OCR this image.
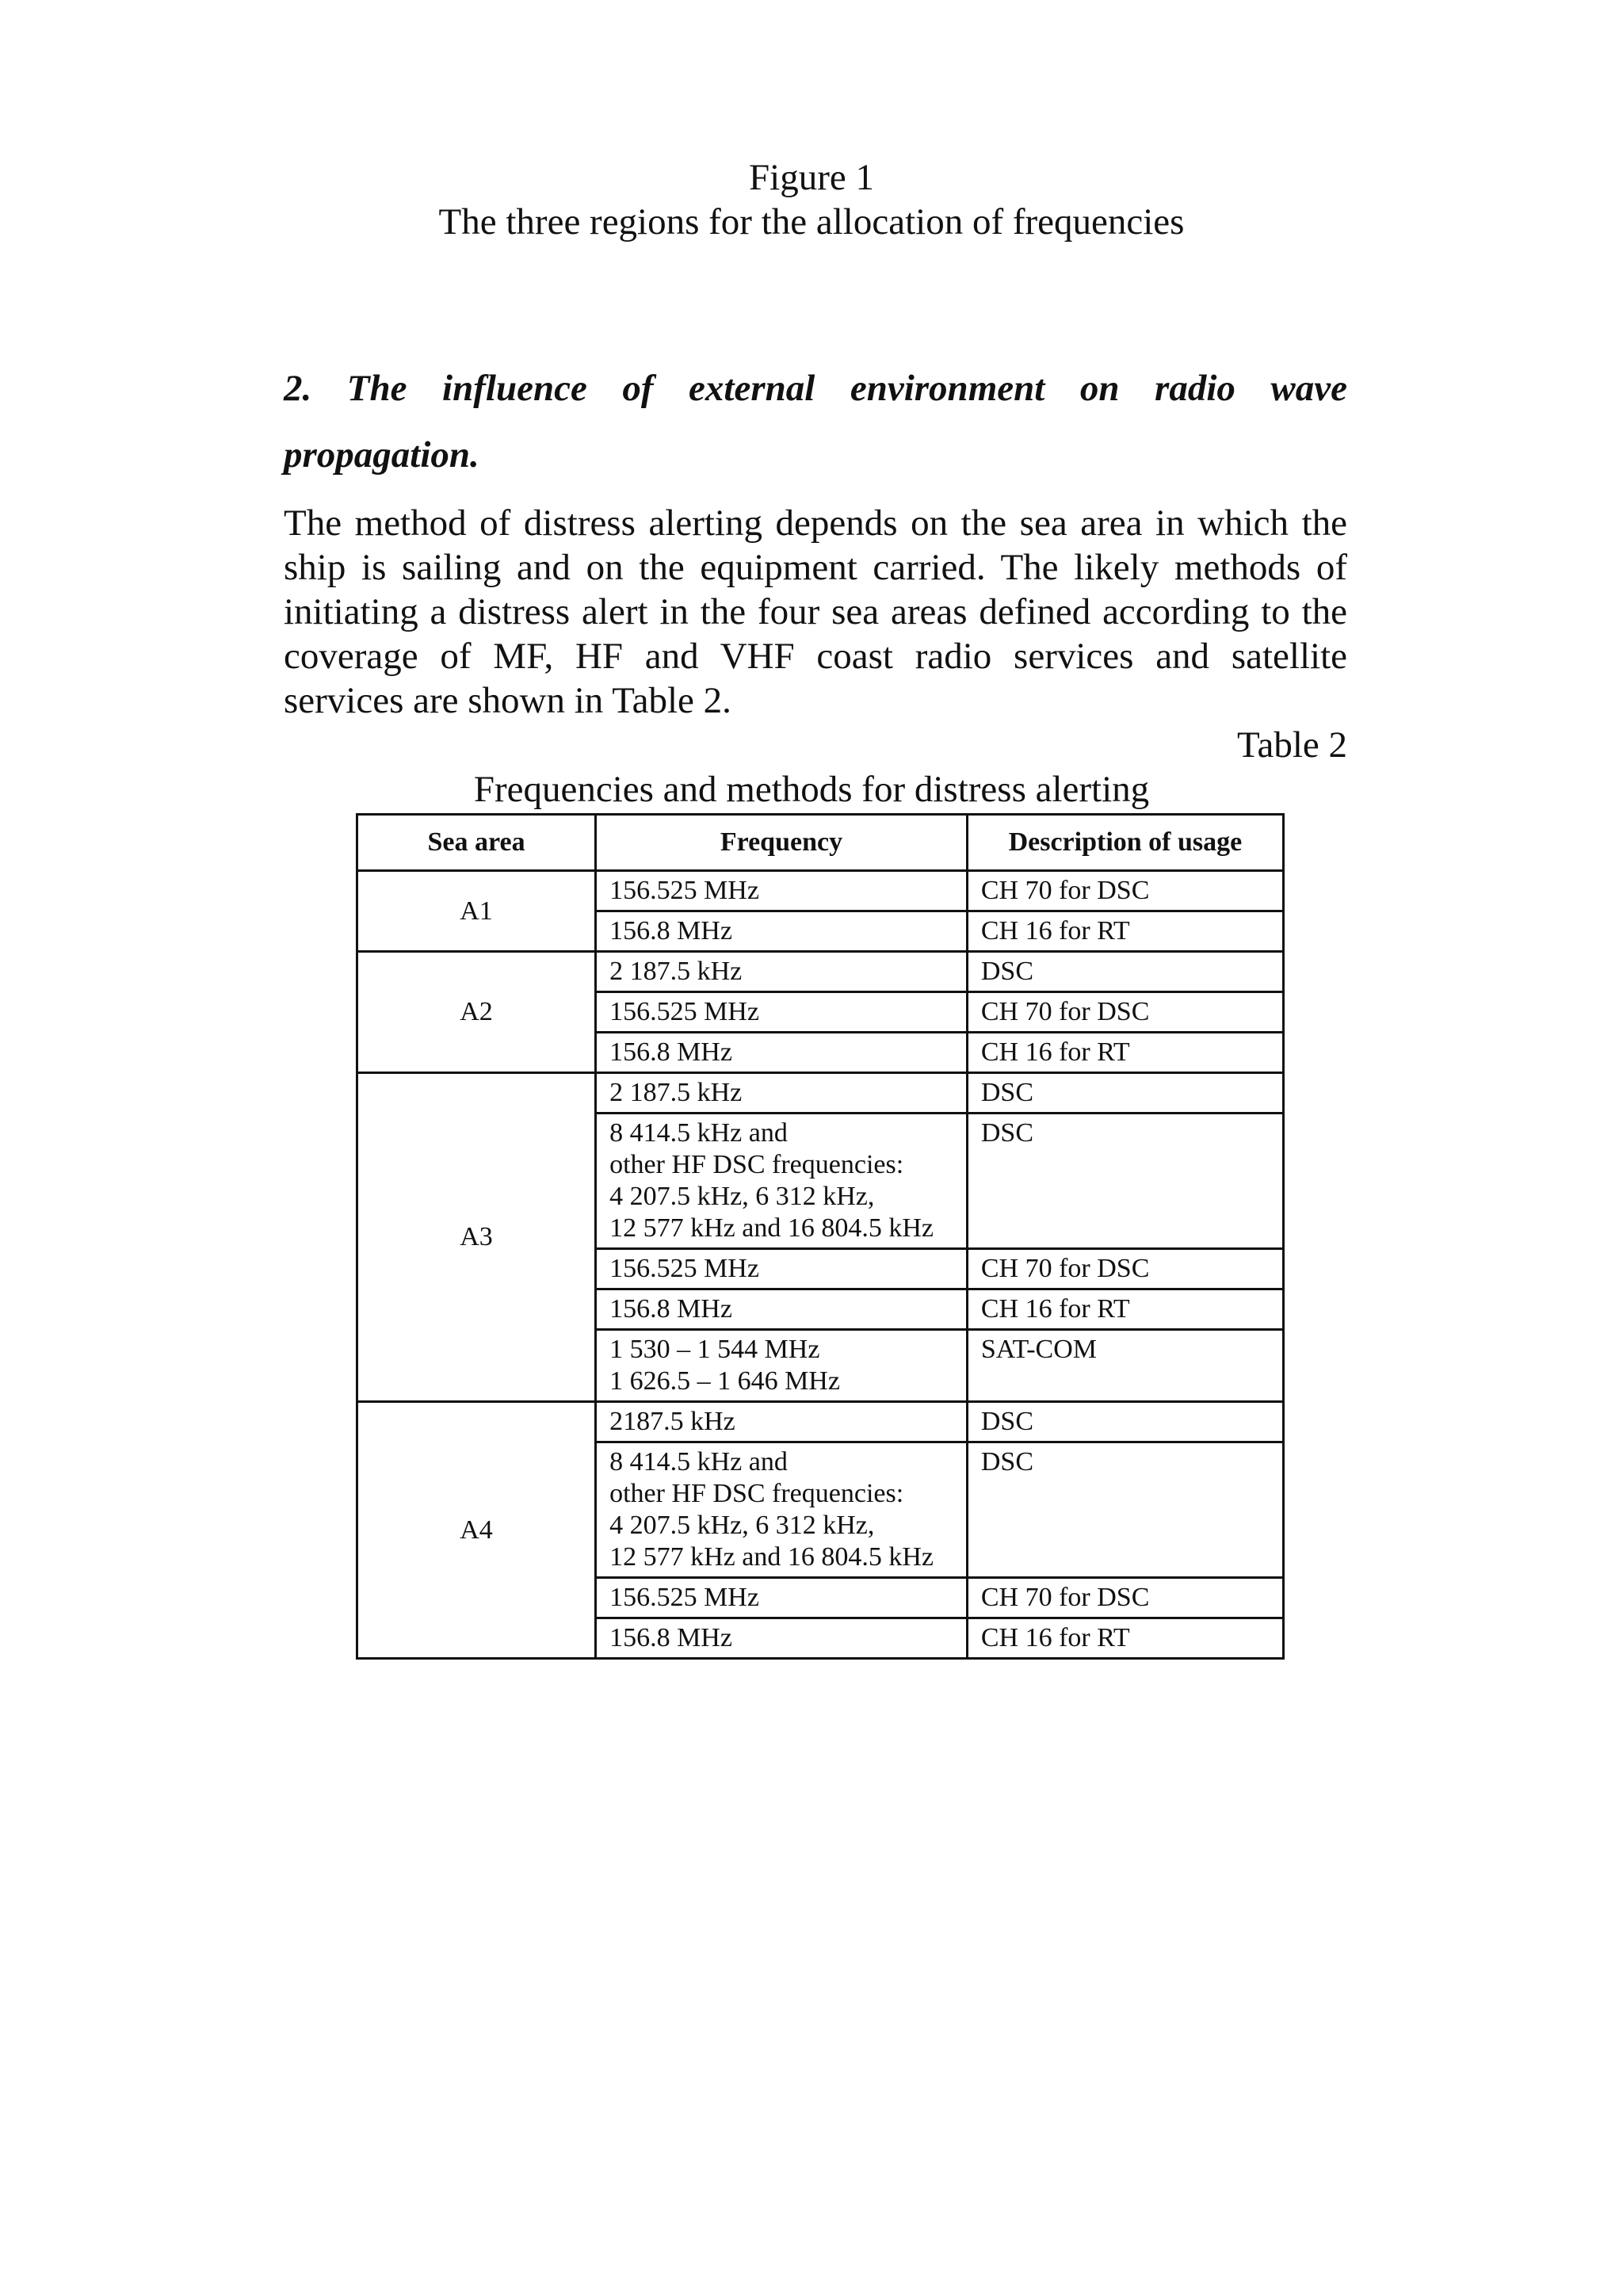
Figure 1
The three regions for the allocation of frequencies
2. The influence of external environment on radio wave
propagation.

The method of distress alerting depends on the sea area in which the ship is sailing and on the equipment carried. The likely methods of initiating a distress alert in the four sea areas defined according to the coverage of MF, HF and VHF coast radio services and satellite services are shown in Table 2.

Table 2
Frequencies and methods for distress alerting
Sea area	Frequency	Description of usage
A1	156.525 MHz	CH 70 for DSC
	156.8 MHz	CH 16 for RT
A2	2 187.5 kHz	DSC
	156.525 MHz	CH 70 for DSC
	156.8 MHz	CH 16 for RT
A3	2 187.5 kHz	DSC
	8 414.5 kHz and
other HF DSC frequencies:
4 207.5 kHz, 6 312 kHz,
12 577 kHz and 16 804.5 kHz	DSC
	156.525 MHz	CH 70 for DSC
	156.8 MHz	CH 16 for RT
	1 530 – 1 544 MHz
1 626.5 – 1 646 MHz	SAT-COM
A4	2187.5 kHz	DSC
	8 414.5 kHz and
other HF DSC frequencies:
4 207.5 kHz, 6 312 kHz,
12 577 kHz and 16 804.5 kHz	DSC
	156.525 MHz	CH 70 for DSC
	156.8 MHz	CH 16 for RT
